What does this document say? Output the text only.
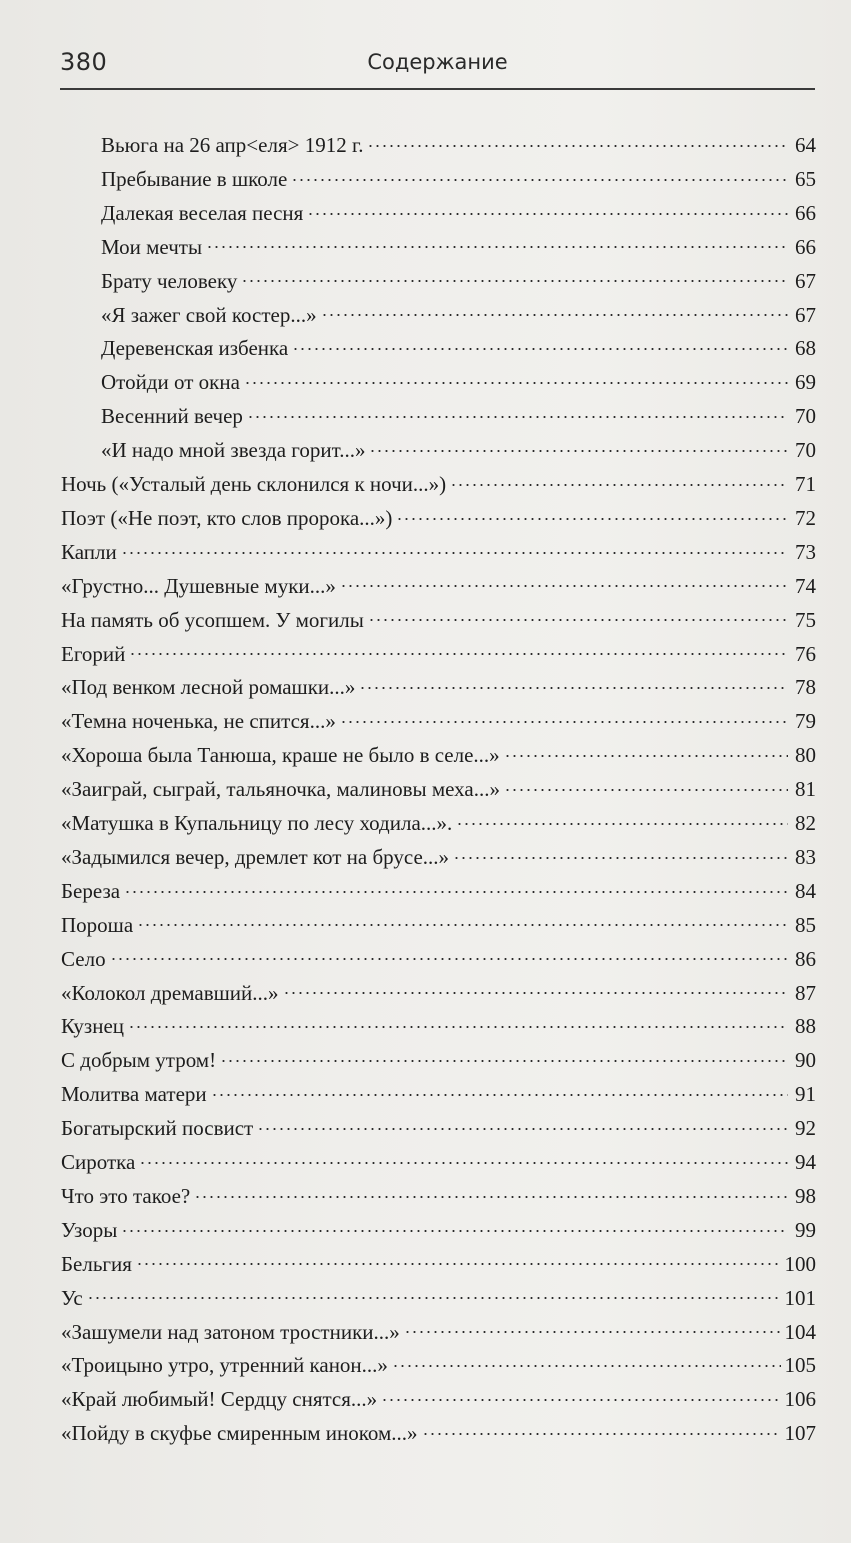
380	Содержание
Вьюга на 26 апр<еля> 1912 г.	64
Пребывание в школе	65
Далекая веселая песня	66
Мои мечты	66
Брату человеку	67
«Я зажег свой костер...»	67
Деревенская избенка	68
Отойди от окна	69
Весенний вечер	70
«И надо мной звезда горит...»	70
Ночь («Усталый день склонился к ночи...»)	71
Поэт («Не поэт, кто слов пророка...»)	72
Капли	73
«Грустно... Душевные муки...»	74
На память об усопшем. У могилы	75
Егорий	76
«Под венком лесной ромашки...»	78
«Темна ноченька, не спится...»	79
«Хороша была Танюша, краше не было в селе...»	80
«Заиграй, сыграй, тальяночка, малиновы меха...»	81
«Матушка в Купальницу по лесу ходила...».	82
«Задымился вечер, дремлет кот на брусе...»	83
Береза	84
Пороша	85
Село	86
«Колокол дремавший...»	87
Кузнец	88
С добрым утром!	90
Молитва матери	91
Богатырский посвист	92
Сиротка	94
Что это такое?	98
Узоры	99
Бельгия	100
Ус	101
«Зашумели над затоном тростники...»	104
«Троицыно утро, утренний канон...»	105
«Край любимый! Сердцу снятся...»	106
«Пойду в скуфье смиренным иноком...»	107
